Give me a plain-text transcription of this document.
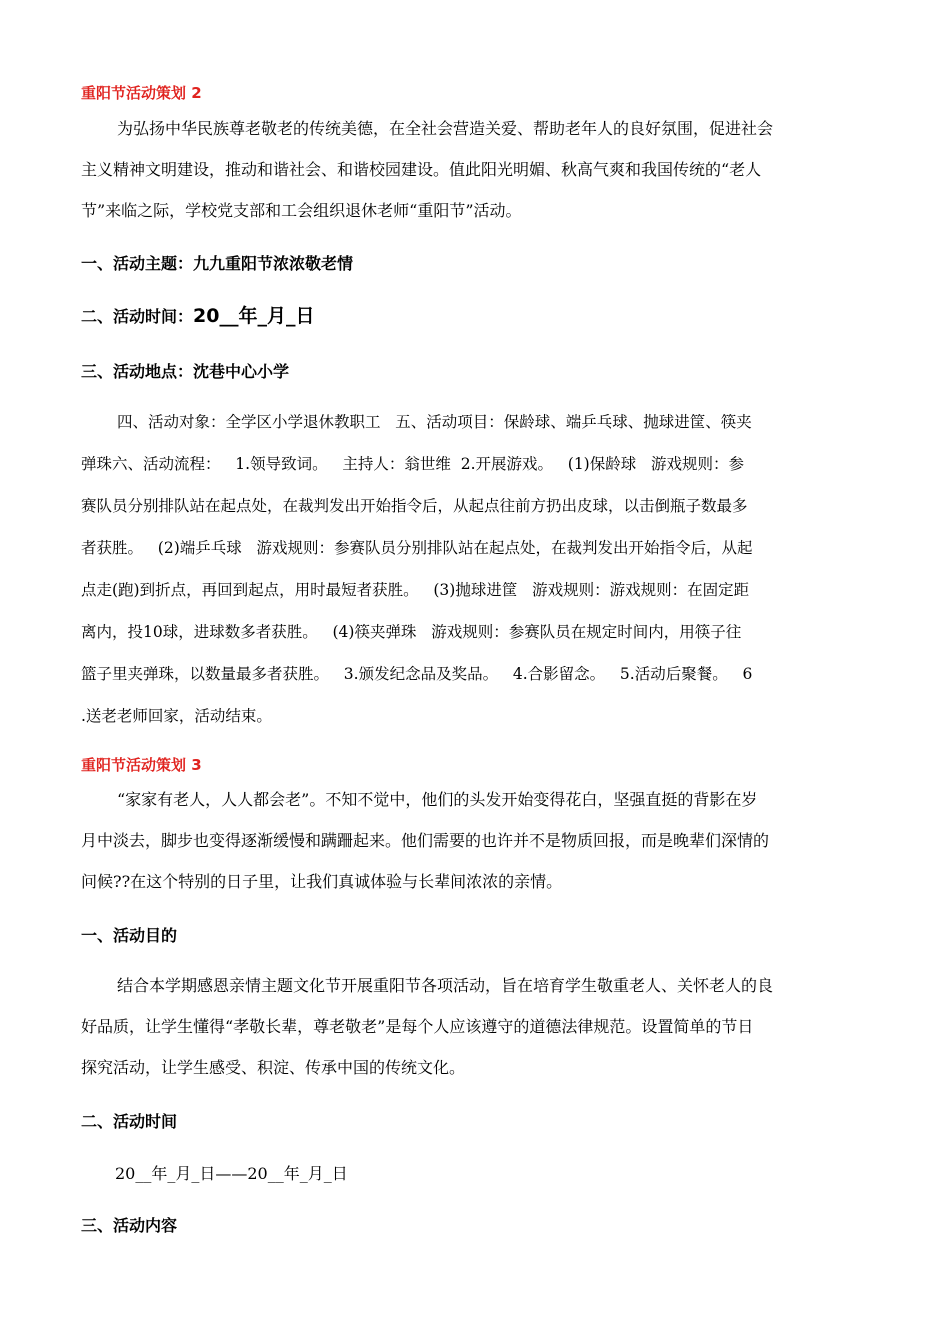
重阳节活动策划 2
为弘扬中华民族尊老敬老的传统美德，在全社会营造关爱、帮助老年人的良好氛围，促进社会
主义精神文明建设，推动和谐社会、和谐校园建设。值此阳光明媚、秋高气爽和我国传统的“老人
节”来临之际，学校党支部和工会组织退休老师“重阳节”活动。
一、活动主题：九九重阳节浓浓敬老情
二、活动时间：20__年_月_日
三、活动地点：沈巷中心小学
四、活动对象：全学区小学退休教职工   五、活动项目：保龄球、端乒乓球、抛球进筐、筷夹
弹珠六、活动流程：   1.领导致词。   主持人：翁世维  2.开展游戏。   (1)保龄球   游戏规则：参
赛队员分别排队站在起点处，在裁判发出开始指令后，从起点往前方扔出皮球，以击倒瓶子数最多
者获胜。   (2)端乒乓球   游戏规则：参赛队员分别排队站在起点处，在裁判发出开始指令后，从起
点走(跑)到折点，再回到起点，用时最短者获胜。   (3)抛球进筐   游戏规则：游戏规则：在固定距
离内，投10球，进球数多者获胜。   (4)筷夹弹珠   游戏规则：参赛队员在规定时间内，用筷子往
篮子里夹弹珠，以数量最多者获胜。   3.颁发纪念品及奖品。   4.合影留念。   5.活动后聚餐。   6
.送老老师回家，活动结束。
重阳节活动策划 3
“家家有老人，人人都会老”。不知不觉中，他们的头发开始变得花白，坚强直挺的背影在岁
月中淡去，脚步也变得逐渐缓慢和蹒跚起来。他们需要的也许并不是物质回报，而是晚辈们深情的
问候??在这个特别的日子里，让我们真诚体验与长辈间浓浓的亲情。
一、活动目的
结合本学期感恩亲情主题文化节开展重阳节各项活动，旨在培育学生敬重老人、关怀老人的良
好品质，让学生懂得“孝敬长辈，尊老敬老”是每个人应该遵守的道德法律规范。设置简单的节日
探究活动，让学生感受、积淀、传承中国的传统文化。
二、活动时间
20__年_月_日——20__年_月_日
三、活动内容
